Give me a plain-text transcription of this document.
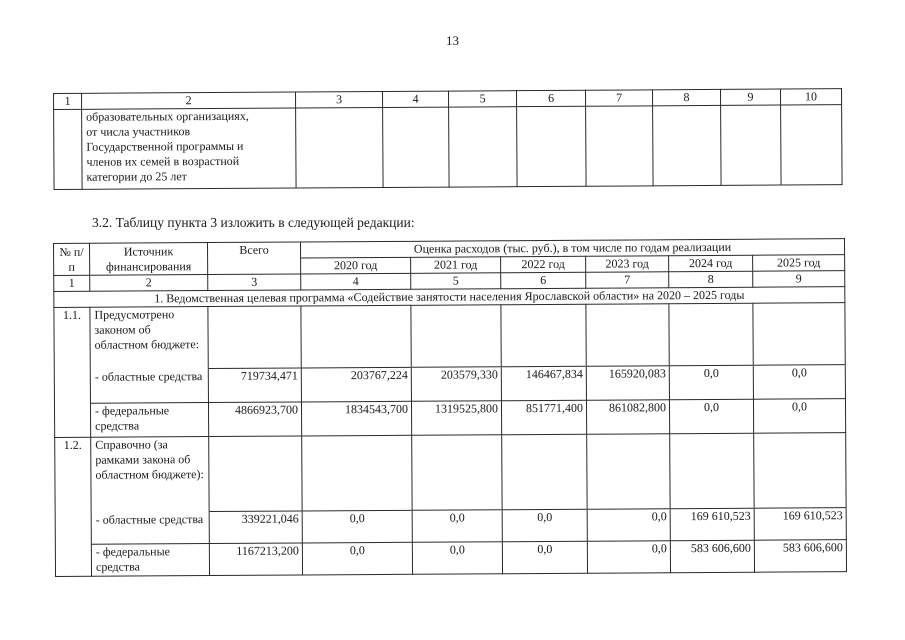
13
1	2	3	4	5	6	7	8	9	10

	образовательных организациях,
от числа участников
Государственной программы и
членов их семей в возрастной
категории до 25 лет								

3.2. Таблицу пункта 3 изложить в следующей редакции:
№ п/п	Источник финансирования	Всего	Оценка расходов (тыс. руб.), в том числе по годам реализации					
			2020 год	2021 год	2022 год	2023 год	2024 год	2025 год
1	2	3	4	5	6	7	8	9
1. Ведомственная целевая программа «Содействие занятости населения Ярославской области» на 2020 – 2025 годы								
1.1.	Предусмотрено законом об областном бюджете:							
	- областные средства	719734,471	203767,224	203579,330	146467,834	165920,083	0,0	0,0
	- федеральные средства	4866923,700	1834543,700	1319525,800	851771,400	861082,800	0,0	0,0
1.2.	Справочно (за рамками закона об областном бюджете):							
	- областные средства	339221,046	0,0	0,0	0,0	0,0	169 610,523	169 610,523
	- федеральные средства	1167213,200	0,0	0,0	0,0	0,0	583 606,600	583 606,600
